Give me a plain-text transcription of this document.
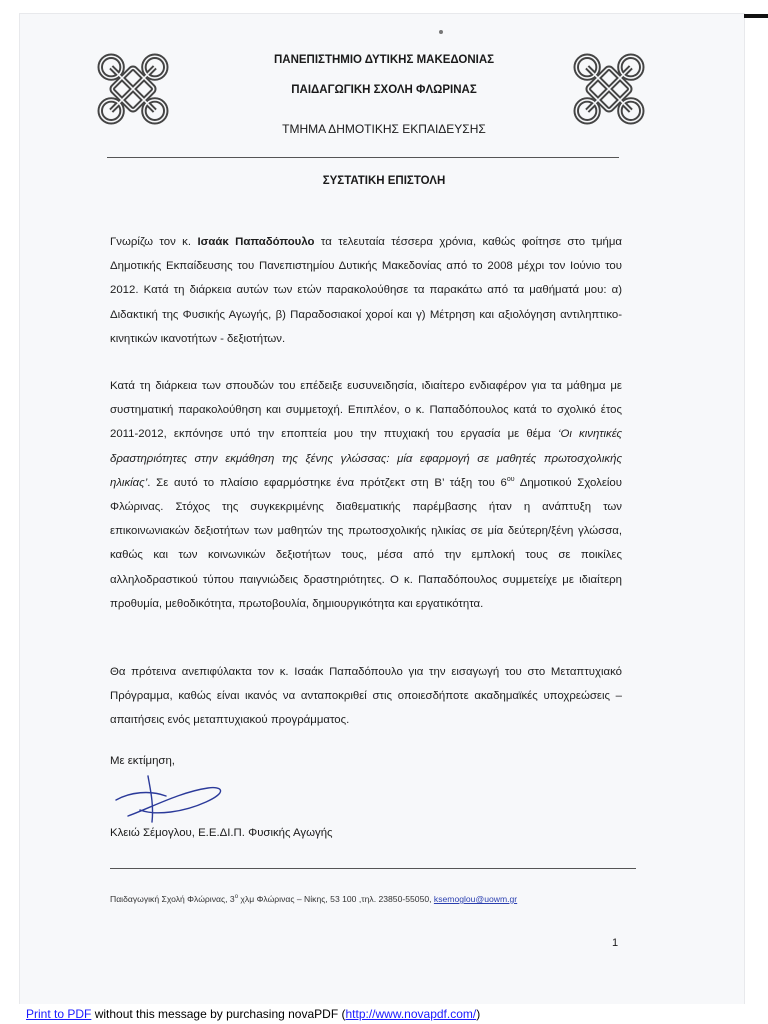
ΠΑΝΕΠΙΣΤΗΜΙΟ ΔΥΤΙΚΗΣ ΜΑΚΕΔΟΝΙΑΣ
ΠΑΙΔΑΓΩΓΙΚΗ ΣΧΟΛΗ ΦΛΩΡΙΝΑΣ
ΤΜΗΜΑ ΔΗΜΟΤΙΚΗΣ ΕΚΠΑΙΔΕΥΣΗΣ
ΣΥΣΤΑΤΙΚΗ ΕΠΙΣΤΟΛΗ
Γνωρίζω τον κ. Ισαάκ Παπαδόπουλο τα τελευταία τέσσερα χρόνια, καθώς φοίτησε στο τμήμα Δημοτικής Εκπαίδευσης του Πανεπιστημίου Δυτικής Μακεδονίας από το 2008 μέχρι τον Ιούνιο του 2012. Κατά τη διάρκεια αυτών των ετών παρακολούθησε τα παρακάτω από τα μαθήματά μου: α) Διδακτική της Φυσικής Αγωγής, β) Παραδοσιακοί χοροί και γ) Μέτρηση και αξιολόγηση αντιληπτικο-κινητικών ικανοτήτων - δεξιοτήτων.
Κατά τη διάρκεια των σπουδών του επέδειξε ευσυνειδησία, ιδιαίτερο ενδιαφέρον για τα μάθημα με συστηματική παρακολούθηση και συμμετοχή. Επιπλέον, ο κ. Παπαδόπουλος κατά το σχολικό έτος 2011-2012, εκπόνησε υπό την εποπτεία μου την πτυχιακή του εργασία με θέμα ‘Οι κινητικές δραστηριότητες στην εκμάθηση της ξένης γλώσσας: μία εφαρμογή σε μαθητές πρωτοσχολικής ηλικίας’. Σε αυτό το πλαίσιο εφαρμόστηκε ένα πρότζεκτ στη Β’ τάξη του $6^{o\upsilon}$ Δημοτικού Σχολείου Φλώρινας. Στόχος της συγκεκριμένης διαθεματικής παρέμβασης ήταν η ανάπτυξη των επικοινωνιακών δεξιοτήτων των μαθητών της πρωτοσχολικής ηλικίας σε μία δεύτερη/ξένη γλώσσα, καθώς και των κοινωνικών δεξιοτήτων τους, μέσα από την εμπλοκή τους σε ποικίλες αλληλοδραστικού τύπου παιγνιώδεις δραστηριότητες. Ο κ. Παπαδόπουλος συμμετείχε με ιδιαίτερη προθυμία, μεθοδικότητα, πρωτοβουλία, δημιουργικότητα και εργατικότητα.
Θα πρότεινα ανεπιφύλακτα τον κ. Ισαάκ Παπαδόπουλο για την εισαγωγή του στο Μεταπτυχιακό Πρόγραμμα, καθώς είναι ικανός να ανταποκριθεί στις οποιεσδήποτε ακαδημαϊκές υποχρεώσεις – απαιτήσεις ενός μεταπτυχιακού προγράμματος.
Με εκτίμηση,
Κλειώ Σέμογλου, Ε.Ε.ΔΙ.Π. Φυσικής Αγωγής
Παιδαγωγική Σχολή Φλώρινας, $3^o$ χλμ Φλώρινας – Νίκης, 53 100 ,τηλ. 23850-55050, ksemoglou@uowm.gr
1
Print to PDF without this message by purchasing novaPDF (http://www.novapdf.com/)
